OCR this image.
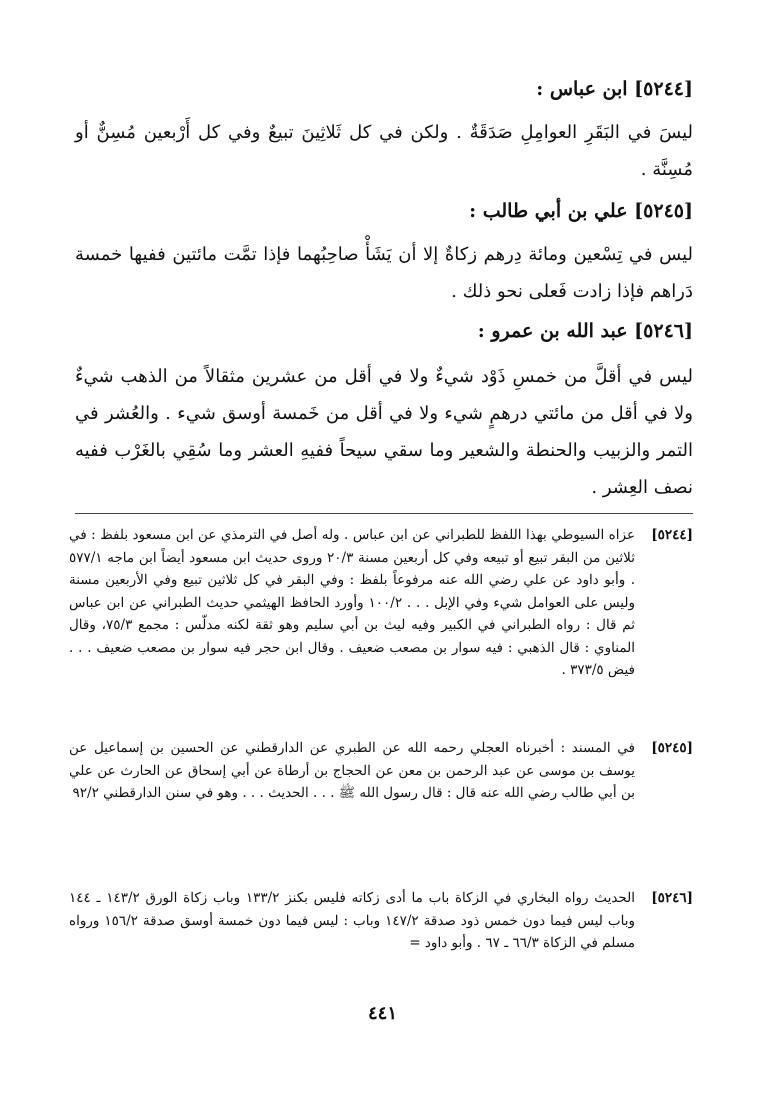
[٥٢٤٤] ابن عباس :
ليسَ في البَقَرِ العوامِلِ صَدَقَةٌ . ولكن في كل ثَلاثِينَ تبيعٌ وفي كل أَرْبعين مُسِنٌّ أو مُسِنَّة .
[٥٢٤٥] علي بن أبي طالب :
ليس في تِسْعين ومائة دِرهم زكاةٌ إلا أن يَشَأْ صاحِبُهما فإذا تمَّت مائتين ففيها خمسة دَراهم فإذا زادت فَعلى نحو ذلك .
[٥٢٤٦] عبد الله بن عمرو :
ليس في أقلَّ من خمسِ ذَوْد شيءٌ ولا في أقل من عشرين مثقالاً من الذهب شيءٌ ولا في أقل من مائتي درهمٍ شيء ولا في أقل من خَمسة أوسق شيء . والعُشر في التمر والزبيب والحنطة والشعير وما سقي سيحاً ففيهِ العشر وما سُقِي بالغَرْب ففيه نصف العِشر .
[٥٢٤٤]
عزاه السيوطي بهذا اللفظ للطبراني عن ابن عباس . وله أصل في الترمذي عن ابن مسعود بلفظ : في ثلاثين من البقر تبيع أو تبيعه وفي كل أربعين مسنة ٢٠/٣ وروى حديث ابن مسعود أيضاً ابن ماجه ٥٧٧/١ . وأبو داود عن علي رضي الله عنه مرفوعاً بلفظ : وفي البقر في كل ثلاثين تبيع وفي الأربعين مسنة وليس على العوامل شيء وفي الإبل . . . ١٠٠/٢ وأورد الحافظ الهيثمي حديث الطبراني عن ابن عباس ثم قال : رواه الطبراني في الكبير وفيه ليث بن أبي سليم وهو ثقة لكنه مدلّس : مجمع ٧٥/٣، وقال المناوي : قال الذهبي : فيه سوار بن مصعب ضعيف . وقال ابن حجر فيه سوار بن مصعب ضعيف . . . فيض ٣٧٣/٥ .
[٥٢٤٥]
في المسند : أخبرناه العجلي رحمه الله عن الطبري عن الدارقطني عن الحسين بن إسماعيل عن يوسف بن موسى عن عبد الرحمن بن معن عن الحجاج بن أرطاة عن أبي إسحاق عن الحارث عن علي بن أبي طالب رضي الله عنه قال : قال رسول الله ﷺ . . . الحديث . . . وهو في سنن الدارقطني ٩٢/٢
[٥٢٤٦]
الحديث رواه البخاري في الزكاة باب ما أدى زكاته فليس بكنز ١٣٣/٢ وباب زكاة الورق ١٤٣/٢ ـ ١٤٤ وباب ليس فيما دون خمس ذود صدقة ١٤٧/٢ وباب : ليس فيما دون خمسة أوسق صدقة ١٥٦/٢ ورواه مسلم في الزكاة ٦٦/٣ ـ ٦٧ . وأبو داود =
٤٤١
